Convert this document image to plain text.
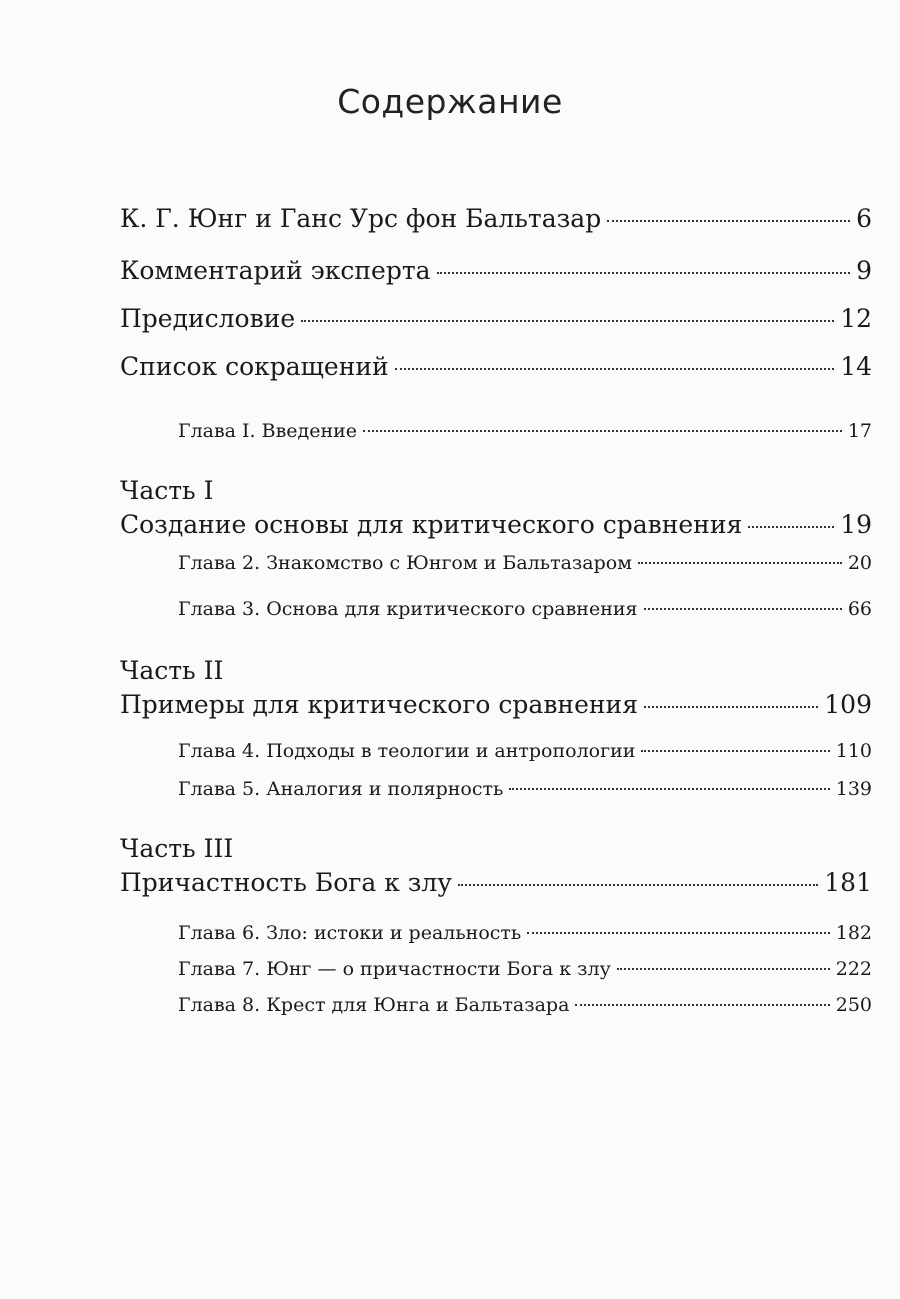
Содержание
К. Г. Юнг и Ганс Урс фон Бальтазар	6
Комментарий эксперта	9
Предисловие	12
Список сокращений	14
Глава I. Введение	17
Часть I
Создание основы для критического сравнения	19
Глава 2. Знакомство с Юнгом и Бальтазаром	20
Глава 3. Основа для критического сравнения	66
Часть II
Примеры для критического сравнения	109
Глава 4. Подходы в теологии и антропологии	110
Глава 5. Аналогия и полярность	139
Часть III
Причастность Бога к злу	181
Глава 6. Зло: истоки и реальность	182
Глава 7. Юнг — о причастности Бога к злу	222
Глава 8. Крест для Юнга и Бальтазара	250
